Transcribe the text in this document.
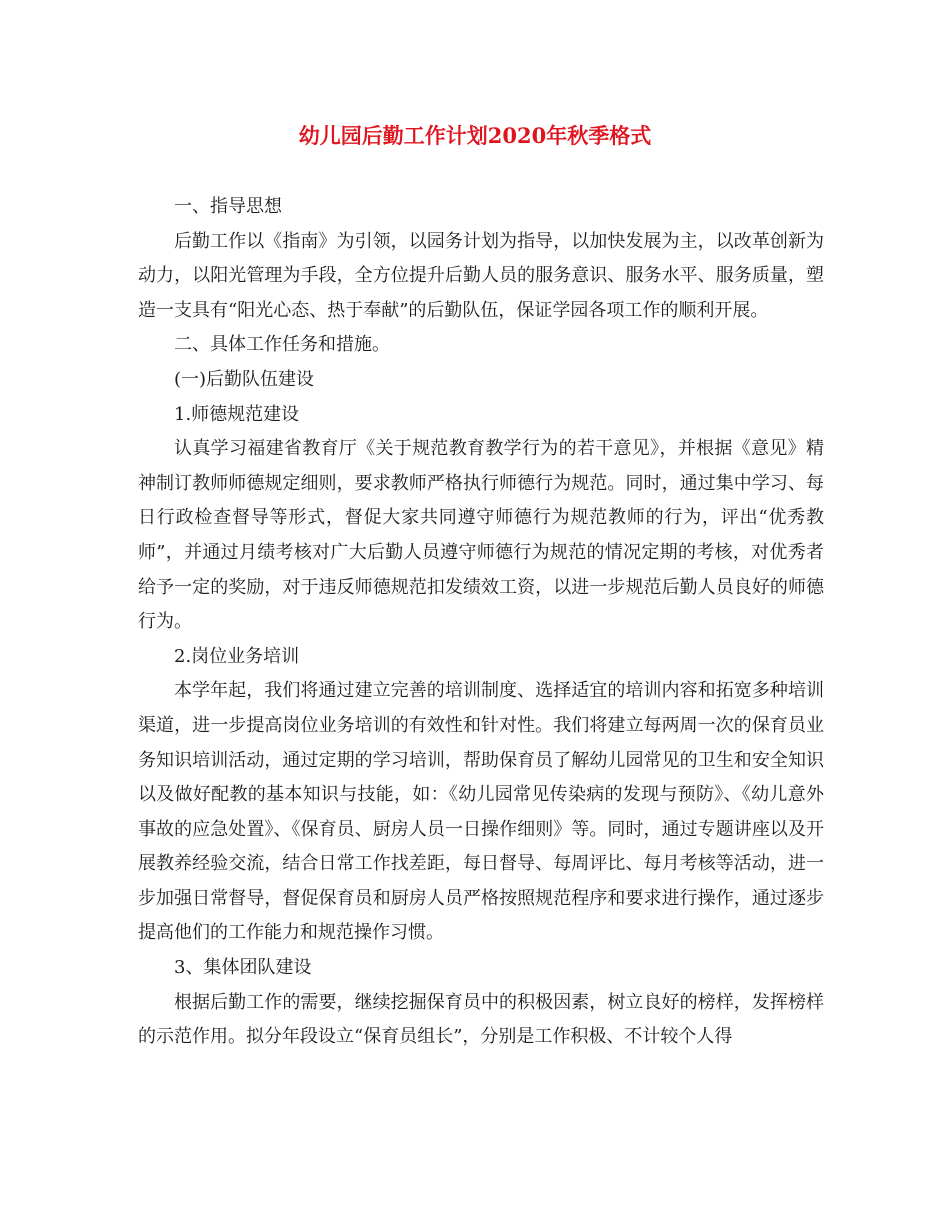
幼儿园后勤工作计划2020年秋季格式

一、指导思想

后勤工作以《指南》为引领，以园务计划为指导，以加快发展为主，以改革创新为动力，以阳光管理为手段，全方位提升后勤人员的服务意识、服务水平、服务质量，塑造一支具有“阳光心态、热于奉献”的后勤队伍，保证学园各项工作的顺利开展。

二、具体工作任务和措施。

(一)后勤队伍建设

1.师德规范建设

认真学习福建省教育厅《关于规范教育教学行为的若干意见》，并根据《意见》精神制订教师师德规定细则，要求教师严格执行师德行为规范。同时，通过集中学习、每日行政检查督导等形式，督促大家共同遵守师德行为规范教师的行为，评出“优秀教师”，并通过月绩考核对广大后勤人员遵守师德行为规范的情况定期的考核，对优秀者给予一定的奖励，对于违反师德规范扣发绩效工资，以进一步规范后勤人员良好的师德行为。

2.岗位业务培训

本学年起，我们将通过建立完善的培训制度、选择适宜的培训内容和拓宽多种培训渠道，进一步提高岗位业务培训的有效性和针对性。我们将建立每两周一次的保育员业务知识培训活动，通过定期的学习培训，帮助保育员了解幼儿园常见的卫生和安全知识以及做好配教的基本知识与技能，如：《幼儿园常见传染病的发现与预防》、《幼儿意外事故的应急处置》、《保育员、厨房人员一日操作细则》等。同时，通过专题讲座以及开展教养经验交流，结合日常工作找差距，每日督导、每周评比、每月考核等活动，进一步加强日常督导，督促保育员和厨房人员严格按照规范程序和要求进行操作，通过逐步提高他们的工作能力和规范操作习惯。

3、集体团队建设

根据后勤工作的需要，继续挖掘保育员中的积极因素，树立良好的榜样，发挥榜样的示范作用。拟分年段设立“保育员组长”，分别是工作积极、不计较个人得
